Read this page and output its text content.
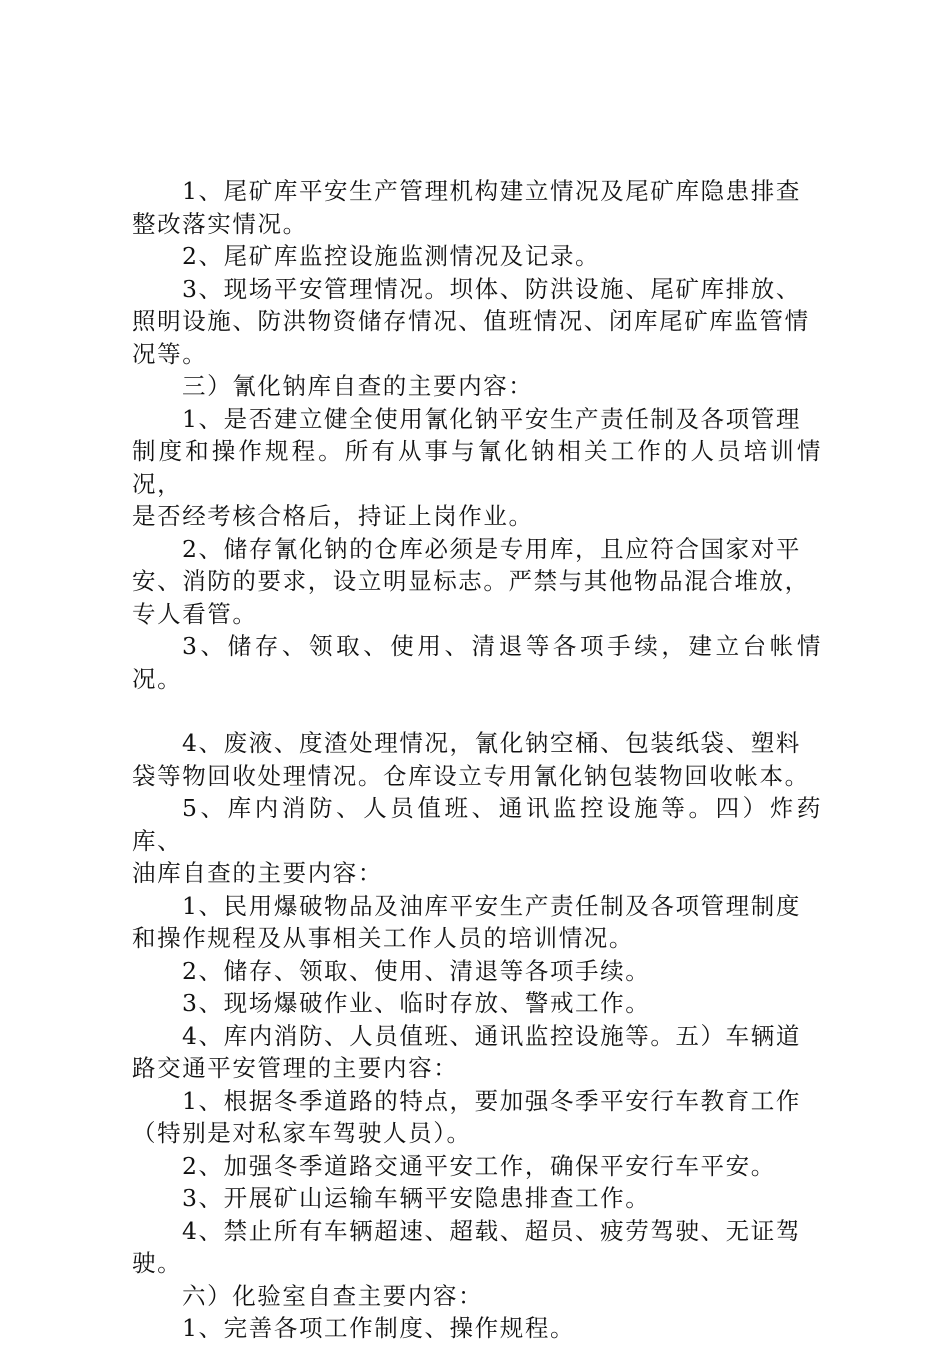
1、尾矿库平安生产管理机构建立情况及尾矿库隐患排查
整改落实情况。

2、尾矿库监控设施监测情况及记录。

3、现场平安管理情况。坝体、防洪设施、尾矿库排放、
照明设施、防洪物资储存情况、值班情况、闭库尾矿库监管情
况等。

三）氰化钠库自查的主要内容：

1、是否建立健全使用氰化钠平安生产责任制及各项管理
制度和操作规程。所有从事与氰化钠相关工作的人员培训情况，
是否经考核合格后，持证上岗作业。

2、储存氰化钠的仓库必须是专用库，且应符合国家对平
安、消防的要求，设立明显标志。严禁与其他物品混合堆放，
专人看管。

3、储存、领取、使用、清退等各项手续，建立台帐情况。

4、废液、度渣处理情况，氰化钠空桶、包装纸袋、塑料
袋等物回收处理情况。仓库设立专用氰化钠包装物回收帐本。

5、库内消防、人员值班、通讯监控设施等。四）炸药库、
油库自查的主要内容：

1、民用爆破物品及油库平安生产责任制及各项管理制度
和操作规程及从事相关工作人员的培训情况。

2、储存、领取、使用、清退等各项手续。

3、现场爆破作业、临时存放、警戒工作。

4、库内消防、人员值班、通讯监控设施等。五）车辆道
路交通平安管理的主要内容：

1、根据冬季道路的特点，要加强冬季平安行车教育工作
（特别是对私家车驾驶人员）。

2、加强冬季道路交通平安工作，确保平安行车平安。

3、开展矿山运输车辆平安隐患排查工作。

4、禁止所有车辆超速、超载、超员、疲劳驾驶、无证驾
驶。

六）化验室自查主要内容：

1、完善各项工作制度、操作规程。
